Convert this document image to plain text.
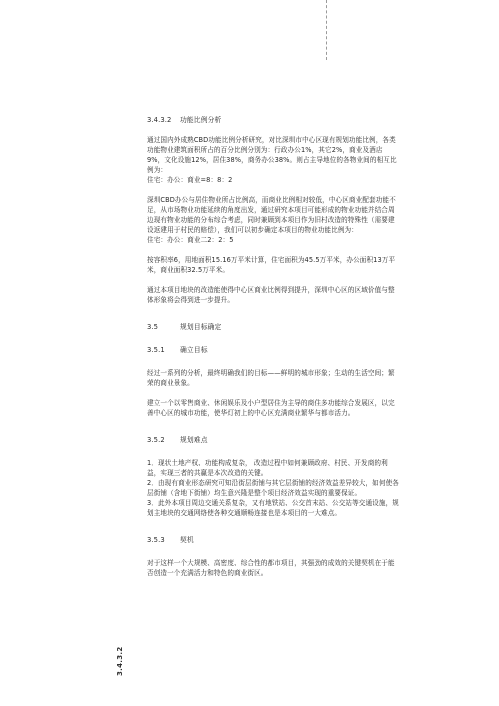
3.4.3.2 功能比例分析

通过国内外成熟CBD功能比例分析研究，对比深圳市中心区现有规划功能比例，各类功能物业建筑面积所占的百分比例分别为：行政办公1%，其它2%，商业及酒店9%，文化设施12%，居住38%，商务办公38%。则占主导地位的各物业间的相互比例为：

住宅：办公：商业=8：8：2

深圳CBD办公与居住物业所占比例高，而商业比例相对较低，中心区商业配套功能不足，从市场物业功能延续的角度出发，通过研究本项目可能形成的物业功能并结合周边现有物业功能的分布综合考虑，同时兼顾到本项目作为旧村改造的特殊性（需要建设返建用于村民的赔偿），我们可以初步确定本项目的物业功能比例为：

住宅：办公：商业二2：2：5

按容积率6，用地面积15.16万平米计算，住宅面积为45.5万平米，办公面积13万平米，商业面积32.5万平米。

通过本项目地块的改造能使得中心区商业比例得到提升，深圳中心区的区域价值与整体形象将会得到进一步提升。

3.5	规划目标确定
3.5.1 确立目标

经过一系列的分析，最终明确我们的目标——鲜明的城市形象；生动的生活空间；繁荣的商业景象。

建立一个以零售商业、休闲娱乐及小户型居住为主导的商住多功能综合发展区，以完善中心区的城市功能，使华灯初上的中心区充满商业繁华与都市活力。

3.5.2 规划难点

1．现状土地产权、功能构成复杂， 改造过程中如何兼顾政府、村民、开发商的利益，实现三者的共赢是本次改造的关键。

2．由现有商业形态研究可知沿街层街铺与其它层街铺的经济效益差异较大，如何使各层街铺（含地下街铺）均生意兴隆是整个项目经济效益实现的重要保证。

3．此外本项目周边交通关系复杂，又有地铁站、公交首末站、公交站等交通设施，规划主地块的交通网络使各种交通顺畅连接也是本项目的一大难点。

3.5.3 契机

对于这样一个大规模、高密度、综合性的都市项目，其强劲的成效的关键契机在于能否创造一个充满活力和特色的商业街区。

3.4.3.2
